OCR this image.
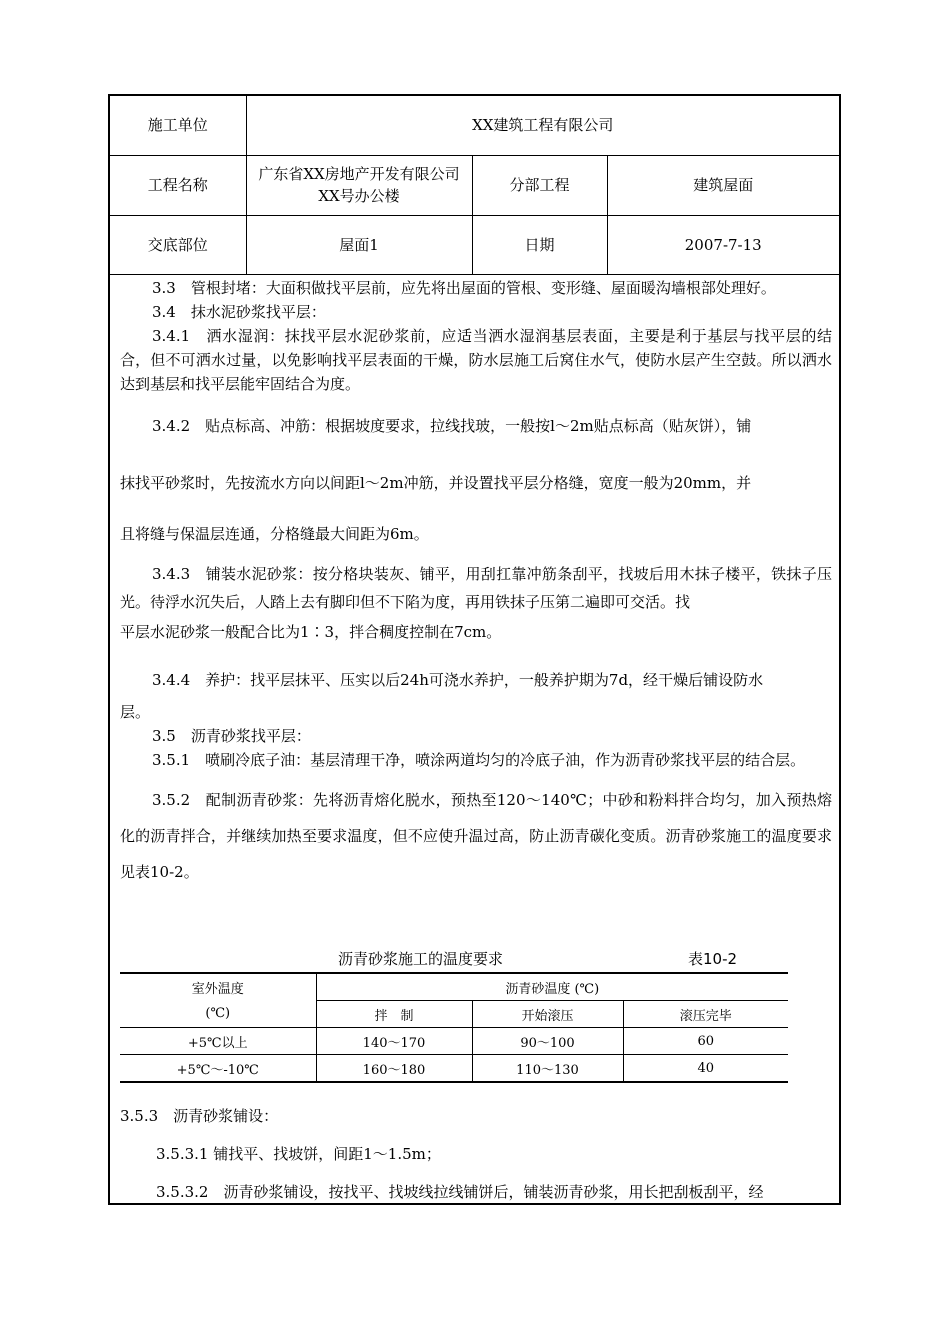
施工单位	XX建筑工程有限公司		
工程名称	广东省XX房地产开发有限公司XX号办公楼	分部工程	建筑屋面
交底部位	屋面1	日期	2007-7-13

3.3　管根封堵：大面积做找平层前，应先将出屋面的管根、变形缝、屋面暖沟墙根部处理好。

3.4　抹水泥砂浆找平层：

3.4.1　洒水湿润：抹找平层水泥砂浆前，应适当洒水湿润基层表面，主要是利于基层与找平层的结合，但不可洒水过量，以免影响找平层表面的干燥，防水层施工后窝住水气，使防水层产生空鼓。所以洒水达到基层和找平层能牢固结合为度。

3.4.2　贴点标高、冲筋：根据坡度要求，拉线找玻，一般按l～2m贴点标高（贴灰饼），铺

抹找平砂浆时，先按流水方向以间距l～2m冲筋，并设置找平层分格缝，宽度一般为20mm，并

且将缝与保温层连通，分格缝最大间距为6m。

3.4.3　铺装水泥砂浆：按分格块装灰、铺平，用刮扛靠冲筋条刮平，找坡后用木抹子楼平，铁抹子压光。待浮水沉失后，人踏上去有脚印但不下陷为度，再用铁抹子压第二遍即可交活。找

平层水泥砂浆一般配合比为1∶3，拌合稠度控制在7cm。

3.4.4　养护：找平层抹平、压实以后24h可浇水养护，一般养护期为7d，经干燥后铺设防水

层。

3.5　沥青砂浆找平层：

3.5.1　喷刷冷底子油：基层清理干净，喷涂两道均匀的冷底子油，作为沥青砂浆找平层的结合层。

3.5.2　配制沥青砂浆：先将沥青熔化脱水，预热至120～140℃；中砂和粉料拌合均匀，加入预热熔化的沥青拌合，并继续加热至要求温度，但不应使升温过高，防止沥青碳化变质。沥青砂浆施工的温度要求见表10-2。

沥青砂浆施工的温度要求	表10-2
室外温度	沥青砂温度 (℃)		
(℃)	拌　制	开始滚压	滚压完毕
+5℃以上	140～170	90～100	60
+5℃～-10℃	160～180	110～130	40

3.5.3　沥青砂浆铺设：

3.5.3.1 铺找平、找坡饼，间距1～1.5m；

3.5.3.2　沥青砂浆铺设，按找平、找坡线拉线铺饼后，铺装沥青砂浆，用长把刮板刮平，经
